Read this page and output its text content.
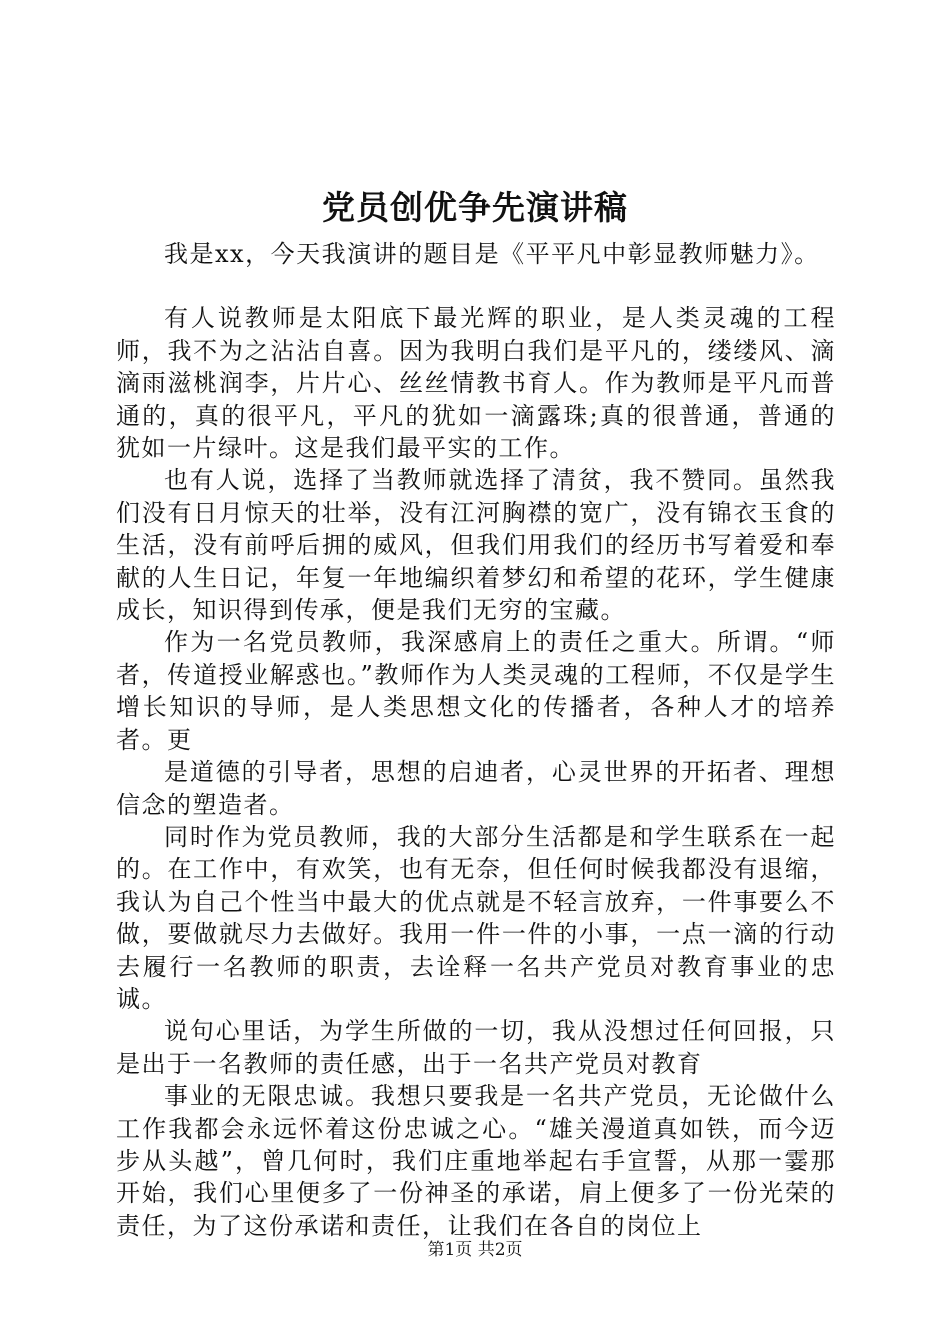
党员创优争先演讲稿

我是xx，今天我演讲的题目是《平平凡中彰显教师魅力》。

有人说教师是太阳底下最光辉的职业，是人类灵魂的工程师，我不为之沾沾自喜。因为我明白我们是平凡的，缕缕风、滴滴雨滋桃润李，片片心、丝丝情教书育人。作为教师是平凡而普通的，真的很平凡，平凡的犹如一滴露珠;真的很普通，普通的犹如一片绿叶。这是我们最平实的工作。

也有人说，选择了当教师就选择了清贫，我不赞同。虽然我们没有日月惊天的壮举，没有江河胸襟的宽广，没有锦衣玉食的生活，没有前呼后拥的威风，但我们用我们的经历书写着爱和奉献的人生日记，年复一年地编织着梦幻和希望的花环，学生健康成长，知识得到传承，便是我们无穷的宝藏。

作为一名党员教师，我深感肩上的责任之重大。所谓。“师者，传道授业解惑也。”教师作为人类灵魂的工程师，不仅是学生增长知识的导师，是人类思想文化的传播者，各种人才的培养者。更

是道德的引导者，思想的启迪者，心灵世界的开拓者、理想信念的塑造者。

同时作为党员教师，我的大部分生活都是和学生联系在一起的。在工作中，有欢笑，也有无奈，但任何时候我都没有退缩，我认为自己个性当中最大的优点就是不轻言放弃，一件事要么不做，要做就尽力去做好。我用一件一件的小事，一点一滴的行动去履行一名教师的职责，去诠释一名共产党员对教育事业的忠诚。

说句心里话，为学生所做的一切，我从没想过任何回报，只是出于一名教师的责任感，出于一名共产党员对教育

事业的无限忠诚。我想只要我是一名共产党员，无论做什么工作我都会永远怀着这份忠诚之心。“雄关漫道真如铁，而今迈步从头越”，曾几何时，我们庄重地举起右手宣誓，从那一霎那开始，我们心里便多了一份神圣的承诺，肩上便多了一份光荣的责任，为了这份承诺和责任，让我们在各自的岗位上

第1页 共2页
